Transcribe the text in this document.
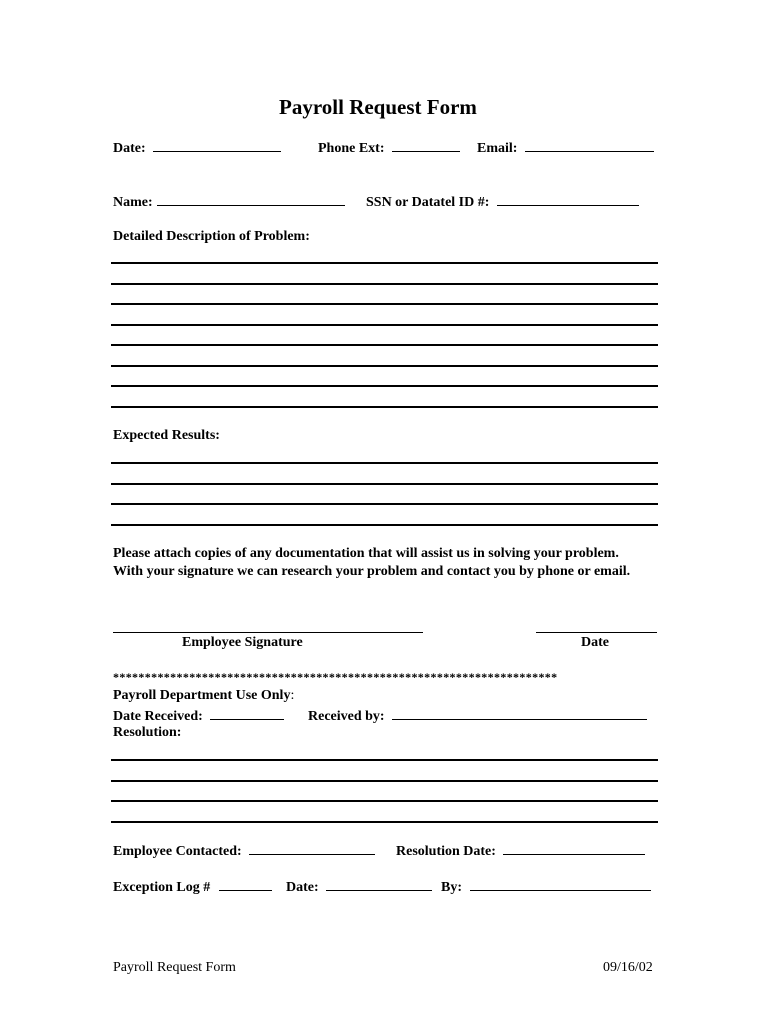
Payroll Request Form
Date:	Phone Ext:	Email:
Name:	SSN or Datatel ID #:
Detailed Description of Problem:
Expected Results:
Please attach copies of any documentation that will assist us in solving your problem. With your signature we can research your problem and contact you by phone or email.
Employee Signature	Date
**********************************************************************
Payroll Department Use Only:
Date Received:	Received by:
Resolution:
Employee Contacted:	Resolution Date:
Exception Log #	Date:	By:
Payroll Request Form	09/16/02
